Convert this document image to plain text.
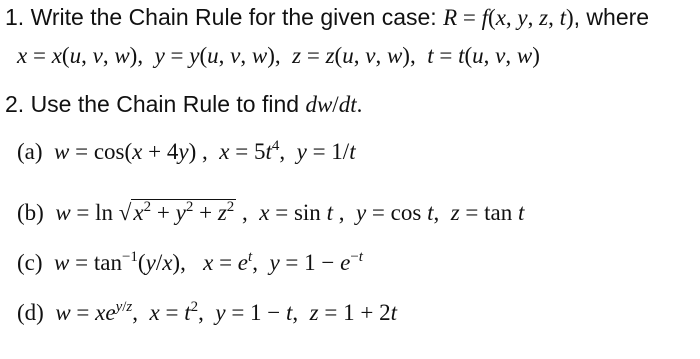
1. Write the Chain Rule for the given case: R = f(x, y, z, t), where
x = x(u, v, w),  y = y(u, v, w),  z = z(u, v, w),  t = t(u, v, w)
2. Use the Chain Rule to find dw/dt.
(a) w = cos(x + 4y) ,  $x = 5t^4$,  y = 1/t
(b) $w = \ln √x^2 + y^2 + z^2$ ,  x = sin t ,  y = cos t,  z = tan t
(c) $w = \tan^{-1}(y/x)$,   $x = e^t$,  $y = 1 - e^{-t}$
(d) $w = xe^{y/z}$,  $x = t^2$,  y = 1 − t,  z = 1 + 2t
